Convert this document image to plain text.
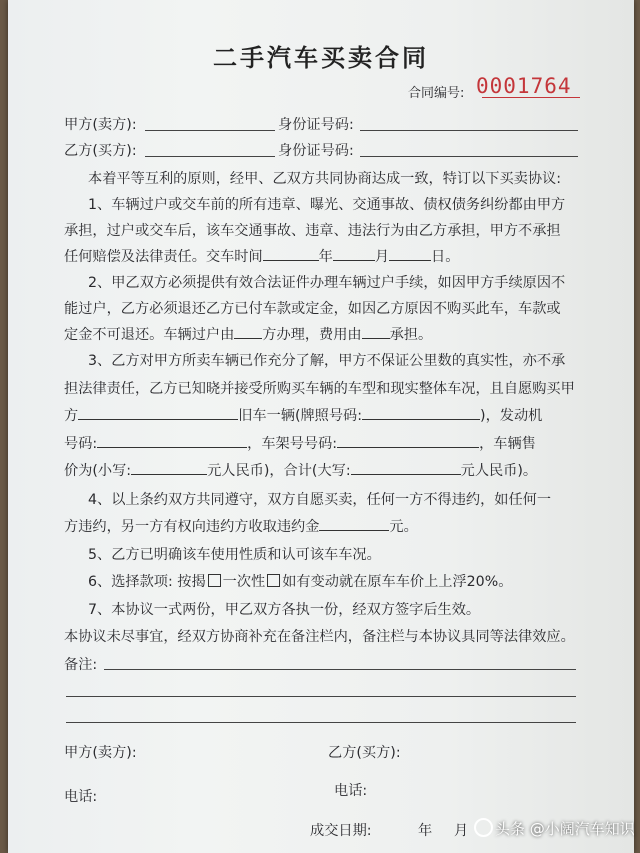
二手汽车买卖合同
合同编号: 0001764
甲方(卖方):	身份证号码:
乙方(买方):	身份证号码:
本着平等互利的原则，经甲、乙双方共同协商达成一致，特订以下买卖协议:
1、车辆过户或交车前的所有违章、曝光、交通事故、债权债务纠纷都由甲方
承担，过户或交车后，该车交通事故、违章、违法行为由乙方承担，甲方不承担
任何赔偿及法律责任。交车时间	年	月	日。
2、甲乙双方必须提供有效合法证件办理车辆过户手续，如因甲方手续原因不
能过户，乙方必须退还乙方已付车款或定金，如因乙方原因不购买此车，车款或
定金不可退还。车辆过户由 方办理，费用由 承担。
3、乙方对甲方所卖车辆已作充分了解，甲方不保证公里数的真实性，亦不承
担法律责任，乙方已知晓并接受所购买车辆的车型和现实整体车况，且自愿购买甲
方	旧车一辆(牌照号码:	)，发动机
号码:	，车架号号码:	，车辆售
价为(小写:	元人民币)，合计(大写:	元人民币)。
4、以上条约双方共同遵守，双方自愿买卖，任何一方不得违约，如任何一
方违约，另一方有权向违约方收取违约金	元。
5、乙方已明确该车使用性质和认可该车车况。
6、选择款项: 按揭 一次性 如有变动就在原车车价上上浮20%。
7、本协议一式两份，甲乙双方各执一份，经双方签字后生效。
本协议未尽事宜，经双方协商补充在备注栏内，备注栏与本协议具同等法律效应。
备注:
甲方(卖方):	乙方(买方):
电话:	电话:
成交日期:	年 月	头条 @小阔汽车知识
